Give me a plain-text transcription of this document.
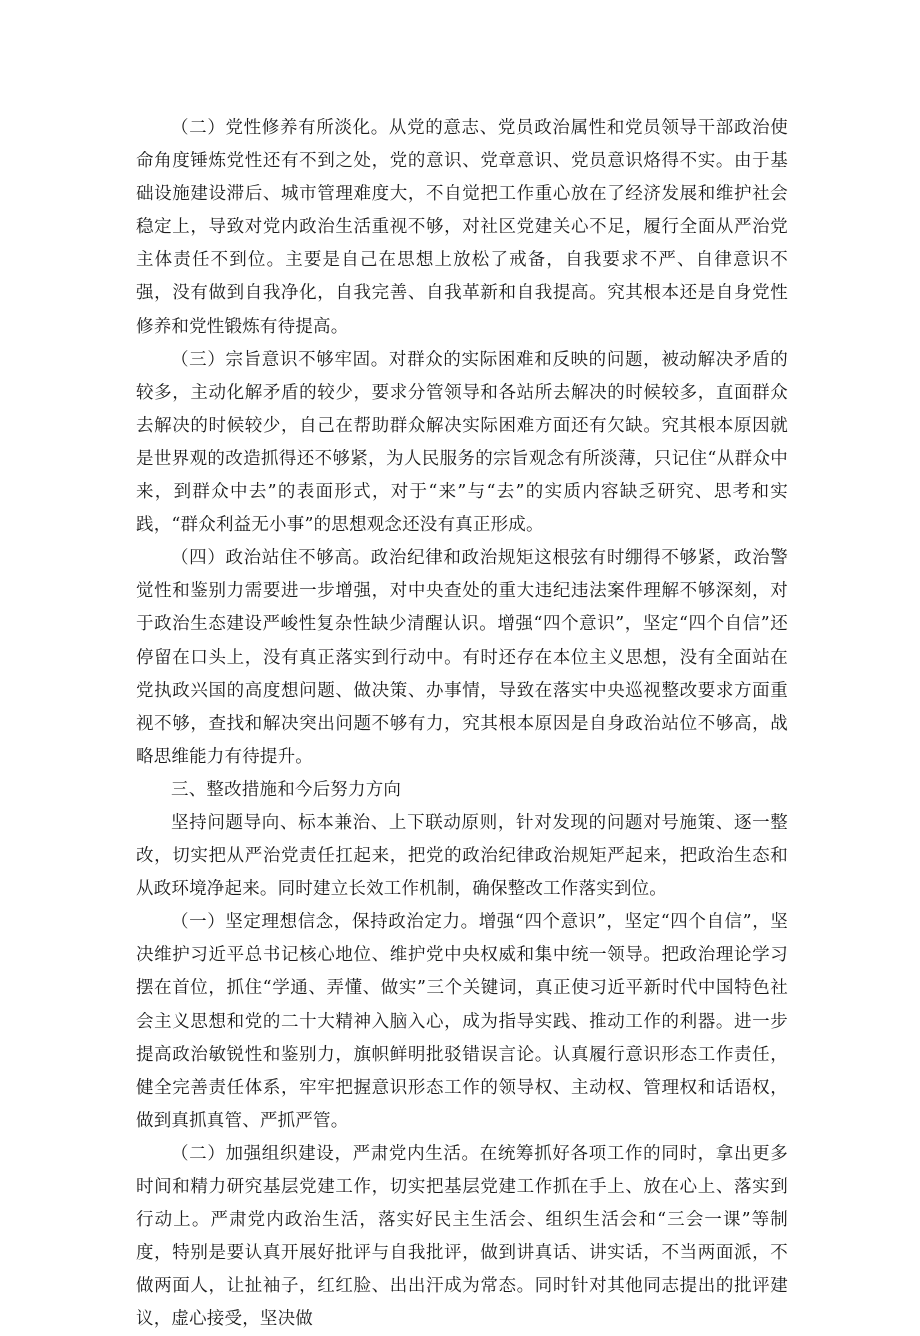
（二）党性修养有所淡化。从党的意志、党员政治属性和党员领导干部政治使命角度锤炼党性还有不到之处，党的意识、党章意识、党员意识烙得不实。由于基础设施建设滞后、城市管理难度大，不自觉把工作重心放在了经济发展和维护社会稳定上，导致对党内政治生活重视不够，对社区党建关心不足，履行全面从严治党主体责任不到位。主要是自己在思想上放松了戒备，自我要求不严、自律意识不强，没有做到自我净化，自我完善、自我革新和自我提高。究其根本还是自身党性修养和党性锻炼有待提高。

（三）宗旨意识不够牢固。对群众的实际困难和反映的问题，被动解决矛盾的较多，主动化解矛盾的较少，要求分管领导和各站所去解决的时候较多，直面群众去解决的时候较少，自己在帮助群众解决实际困难方面还有欠缺。究其根本原因就是世界观的改造抓得还不够紧，为人民服务的宗旨观念有所淡薄，只记住“从群众中来，到群众中去”的表面形式，对于“来”与“去”的实质内容缺乏研究、思考和实践，“群众利益无小事”的思想观念还没有真正形成。

（四）政治站住不够高。政治纪律和政治规矩这根弦有时绷得不够紧，政治警觉性和鉴别力需要进一步增强，对中央查处的重大违纪违法案件理解不够深刻，对于政治生态建设严峻性复杂性缺少清醒认识。增强“四个意识”，坚定“四个自信”还停留在口头上，没有真正落实到行动中。有时还存在本位主义思想，没有全面站在党执政兴国的高度想问题、做决策、办事情，导致在落实中央巡视整改要求方面重视不够，查找和解决突出问题不够有力，究其根本原因是自身政治站位不够高，战略思维能力有待提升。

三、整改措施和今后努力方向

坚持问题导向、标本兼治、上下联动原则，针对发现的问题对号施策、逐一整改，切实把从严治党责任扛起来，把党的政治纪律政治规矩严起来，把政治生态和从政环境净起来。同时建立长效工作机制，确保整改工作落实到位。

（一）坚定理想信念，保持政治定力。增强“四个意识”，坚定“四个自信”，坚决维护习近平总书记核心地位、维护党中央权威和集中统一领导。把政治理论学习摆在首位，抓住“学通、弄懂、做实”三个关键词，真正使习近平新时代中国特色社会主义思想和党的二十大精神入脑入心，成为指导实践、推动工作的利器。进一步提高政治敏锐性和鉴别力，旗帜鲜明批驳错误言论。认真履行意识形态工作责任，健全完善责任体系，牢牢把握意识形态工作的领导权、主动权、管理权和话语权，做到真抓真管、严抓严管。

（二）加强组织建设，严肃党内生活。在统筹抓好各项工作的同时，拿出更多时间和精力研究基层党建工作，切实把基层党建工作抓在手上、放在心上、落实到行动上。严肃党内政治生活，落实好民主生活会、组织生活会和“三会一课”等制度，特别是要认真开展好批评与自我批评，做到讲真话、讲实话，不当两面派，不做两面人，让扯袖子，红红脸、出出汗成为常态。同时针对其他同志提出的批评建议，虚心接受，坚决做
